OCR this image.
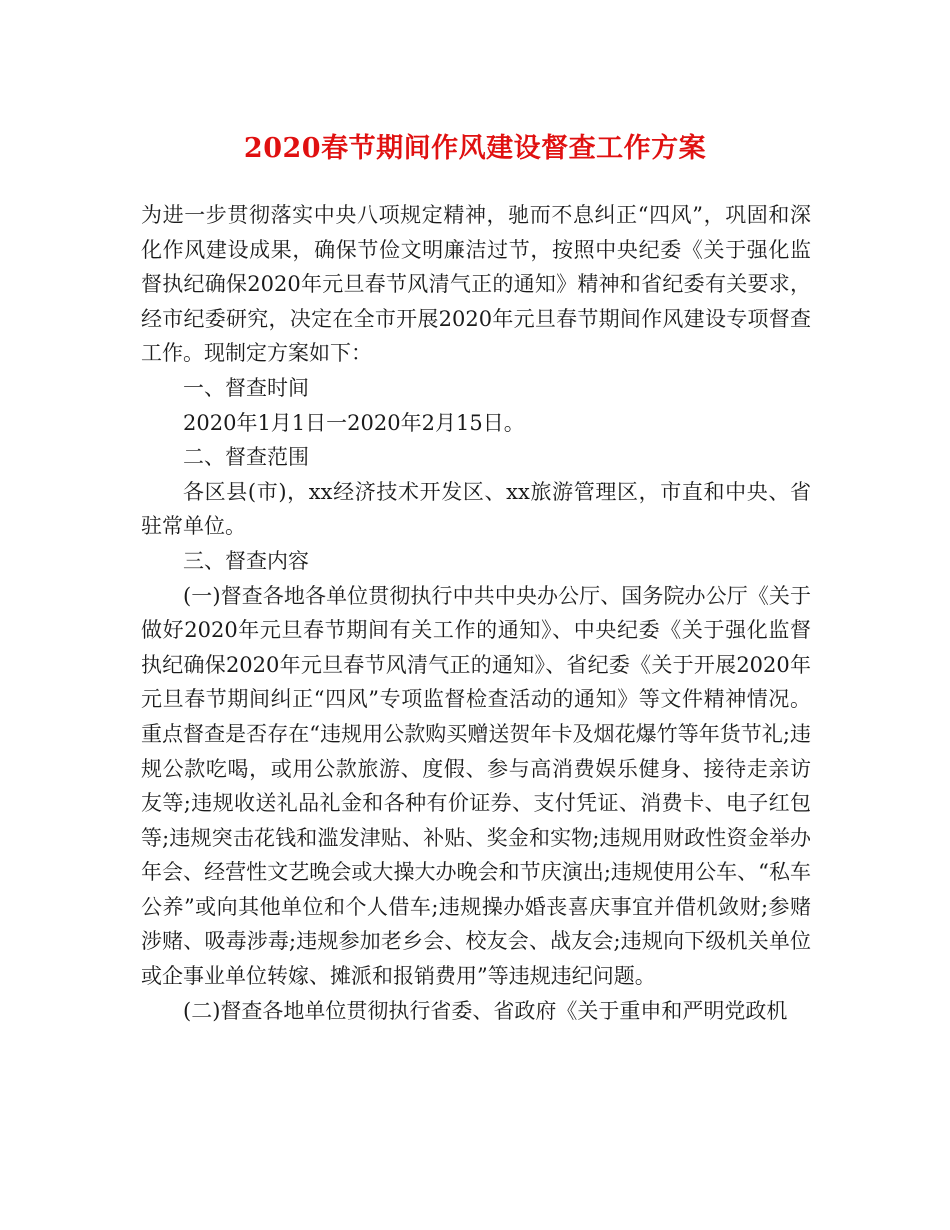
2020春节期间作风建设督查工作方案

为进一步贯彻落实中央八项规定精神，驰而不息纠正“四风”，巩固和深化作风建设成果，确保节俭文明廉洁过节，按照中央纪委《关于强化监督执纪确保2020年元旦春节风清气正的通知》精神和省纪委有关要求，经市纪委研究，决定在全市开展2020年元旦春节期间作风建设专项督查工作。现制定方案如下：

一、督查时间

2020年1月1日一2020年2月15日。

二、督查范围

各区县(市)，xx经济技术开发区、xx旅游管理区，市直和中央、省驻常单位。

三、督查内容

(一)督查各地各单位贯彻执行中共中央办公厅、国务院办公厅《关于做好2020年元旦春节期间有关工作的通知》、中央纪委《关于强化监督执纪确保2020年元旦春节风清气正的通知》、省纪委《关于开展2020年元旦春节期间纠正“四风”专项监督检查活动的通知》等文件精神情况。重点督查是否存在“违规用公款购买赠送贺年卡及烟花爆竹等年货节礼;违规公款吃喝，或用公款旅游、度假、参与高消费娱乐健身、接待走亲访友等;违规收送礼品礼金和各种有价证券、支付凭证、消费卡、电子红包等;违规突击花钱和滥发津贴、补贴、奖金和实物;违规用财政性资金举办年会、经营性文艺晚会或大操大办晚会和节庆演出;违规使用公车、“私车公养”或向其他单位和个人借车;违规操办婚丧喜庆事宜并借机敛财;参赌涉赌、吸毒涉毒;违规参加老乡会、校友会、战友会;违规向下级机关单位或企事业单位转嫁、摊派和报销费用”等违规违纪问题。

(二)督查各地单位贯彻执行省委、省政府《关于重申和严明党政机
